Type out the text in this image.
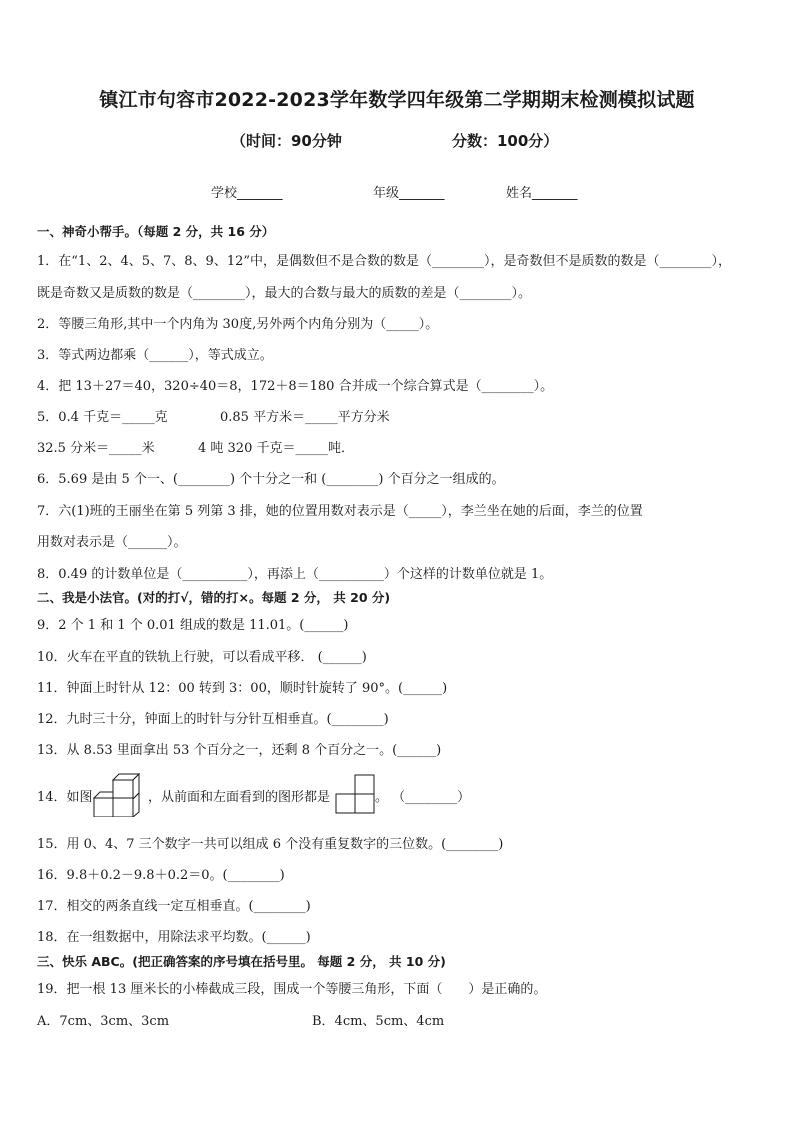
镇江市句容市2022-2023学年数学四年级第二学期期末检测模拟试题
（时间：90分钟	分数：100分）
学校_______	年级_______	姓名_______
一、神奇小帮手。（每题 2 分，共 16 分）
1．在“1、2、4、5、7、8、9、12”中，是偶数但不是合数的数是（________），是奇数但不是质数的数是（________），
既是奇数又是质数的数是（________），最大的合数与最大的质数的差是（________）。
2．等腰三角形,其中一个内角为 30度,另外两个内角分别为（_____）。
3．等式两边都乘（______），等式成立。
4．把 13＋27＝40，320÷40＝8，172＋8＝180 合并成一个综合算式是（________）。
5．0.4 千克＝_____克	0.85 平方米＝_____平方分米
32.5 分米＝_____米	4 吨 320 千克＝_____吨．
6．5.69 是由 5 个一、(________) 个十分之一和 (________) 个百分之一组成的。
7．六(1)班的王丽坐在第 5 列第 3 排，她的位置用数对表示是（_____），李兰坐在她的后面，李兰的位置
用数对表示是（______）。
8．0.49 的计数单位是（__________），再添上（__________）个这样的计数单位就是 1。
二、我是小法官。(对的打√，错的打×。每题 2 分， 共 20 分)
9．2 个 1 和 1 个 0.01 组成的数是 11.01。(______)
10．火车在平直的铁轨上行驶，可以看成平移． (______)
11．钟面上时针从 12：00 转到 3：00，顺时针旋转了 90°。(______)
12．九时三十分，钟面上的时针与分针互相垂直。(________)
13．从 8.53 里面拿出 53 个百分之一，还剩 8 个百分之一。(______)
14．如图	，从前面和左面看到的图形都是	。 （________）
15．用 0、4、7 三个数字一共可以组成 6 个没有重复数字的三位数。(________)
16．9.8＋0.2－9.8＋0.2＝0。(________)
17．相交的两条直线一定互相垂直。(________)
18．在一组数据中，用除法求平均数。(______)
三、快乐 ABC。(把正确答案的序号填在括号里。 每题 2 分， 共 10 分)
19．把一根 13 厘米长的小棒截成三段，围成一个等腰三角形，下面（　　）是正确的。
A．7cm、3cm、3cm	B．4cm、5cm、4cm
